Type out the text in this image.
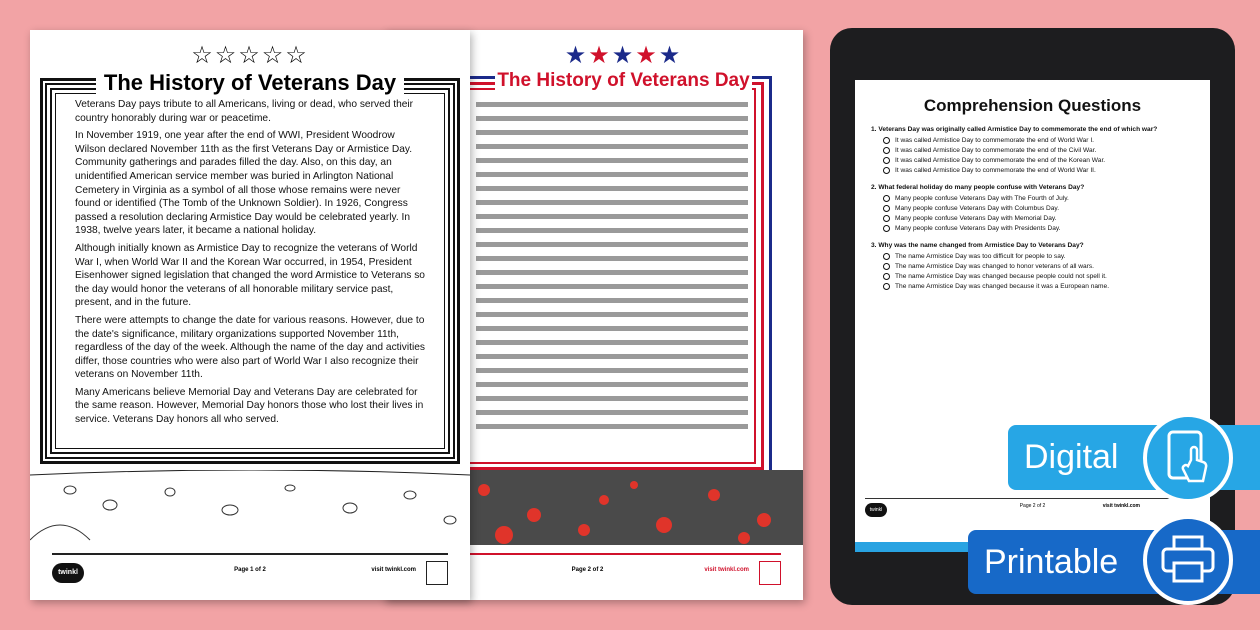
★★★★★
The History of Veterans Day
Page 2 of 2	visit twinkl.com
☆☆☆☆☆
The History of Veterans Day

Veterans Day pays tribute to all Americans, living or dead, who served their country honorably during war or peacetime.

In November 1919, one year after the end of WWI, President Woodrow Wilson declared November 11th as the first Veterans Day or Armistice Day. Community gatherings and parades filled the day. Also, on this day, an unidentified American service member was buried in Arlington National Cemetery in Virginia as a symbol of all those whose remains were never found or identified (The Tomb of the Unknown Soldier). In 1926, Congress passed a resolution declaring Armistice Day would be celebrated yearly. In 1938, twelve years later, it became a national holiday.

Although initially known as Armistice Day to recognize the veterans of World War I, when World War II and the Korean War occurred, in 1954, President Eisenhower signed legislation that changed the word Armistice to Veterans so the day would honor the veterans of all honorable military service past, present, and in the future.

There were attempts to change the date for various reasons. However, due to the date's significance, military organizations supported November 11th, regardless of the day of the week. Although the name of the day and activities differ, those countries who were also part of World War I also recognize their veterans on November 11th.

Many Americans believe Memorial Day and Veterans Day are celebrated for the same reason. However, Memorial Day honors those who lost their lives in service. Veterans Day honors all who served.

twinkl	Page 1 of 2	visit twinkl.com
Comprehension Questions
1. Veterans Day was originally called Armistice Day to commemorate the end of which war?
It was called Armistice Day to commemorate the end of World War I.
It was called Armistice Day to commemorate the end of the Civil War.
It was called Armistice Day to commemorate the end of the Korean War.
It was called Armistice Day to commemorate the end of World War II.
2. What federal holiday do many people confuse with Veterans Day?
Many people confuse Veterans Day with The Fourth of July.
Many people confuse Veterans Day with Columbus Day.
Many people confuse Veterans Day with Memorial Day.
Many people confuse Veterans Day with Presidents Day.
3. Why was the name changed from Armistice Day to Veterans Day?
The name Armistice Day was too difficult for people to say.
The name Armistice Day was changed to honor veterans of all wars.
The name Armistice Day was changed because people could not spell it.
The name Armistice Day was changed because it was a European name.
twinkl
Page 2 of 2	visit twinkl.com
Digital
Printable
